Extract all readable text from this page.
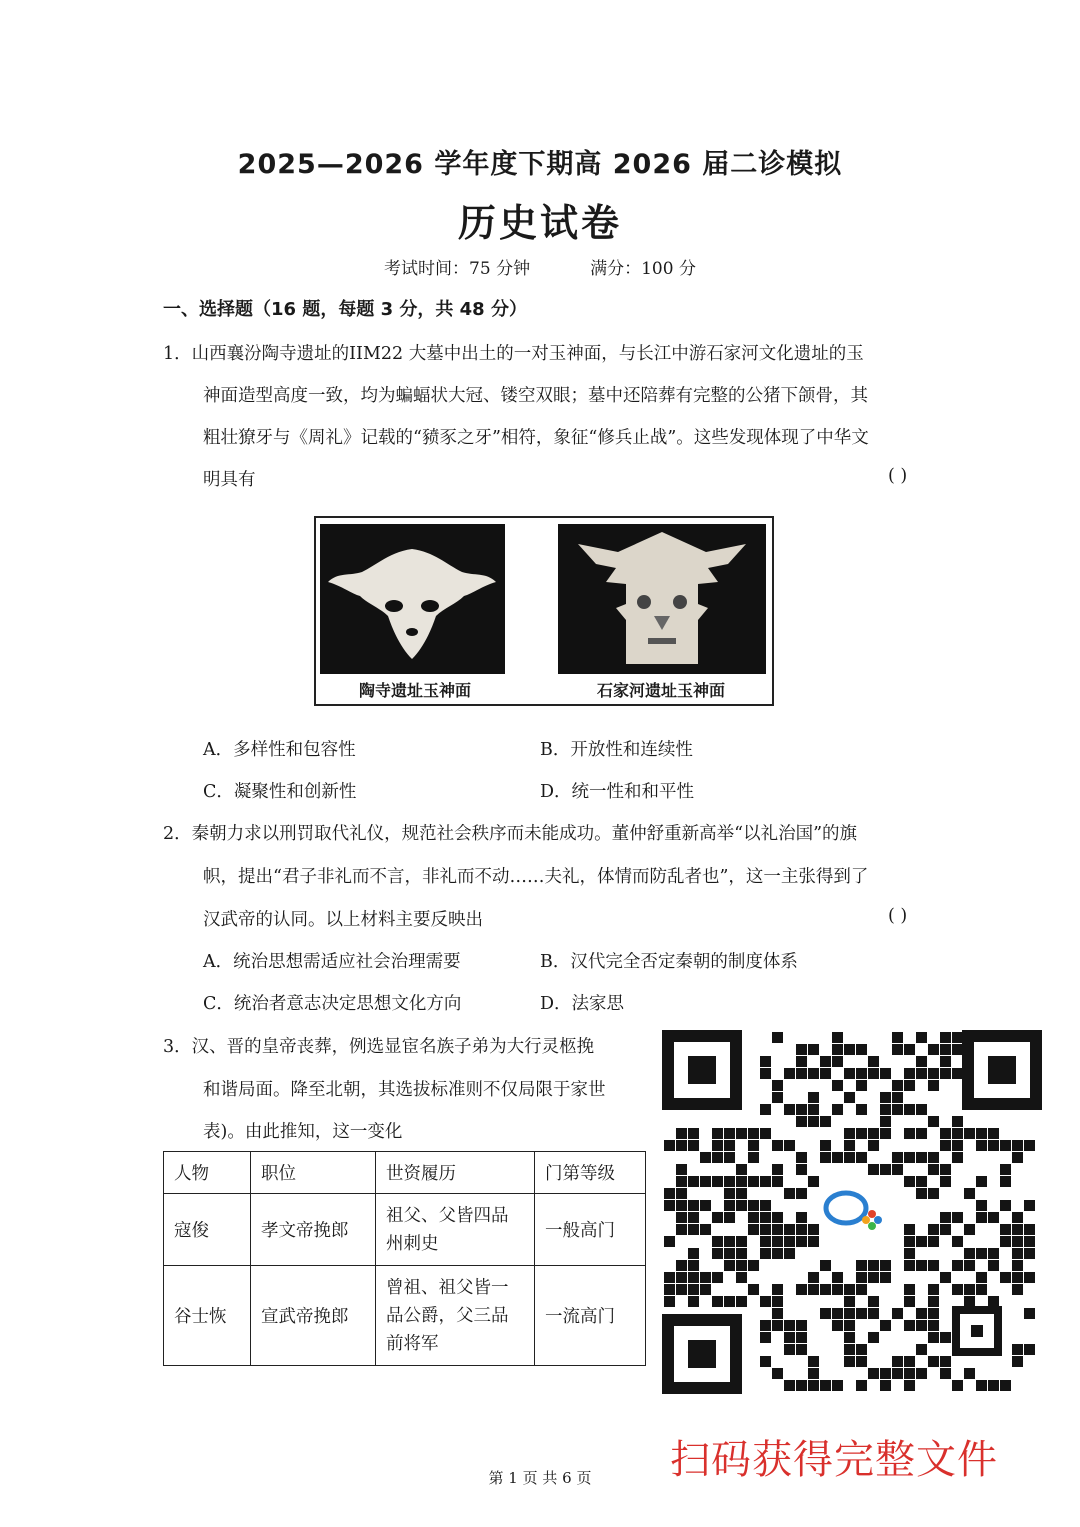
2025—2026 学年度下期高 2026 届二诊模拟
历史试卷
考试时间：75 分钟	满分：100 分
一、选择题（16 题，每题 3 分，共 48 分）
1．山西襄汾陶寺遗址的IIM22 大墓中出土的一对玉神面，与长江中游石家河文化遗址的玉
神面造型高度一致，均为蝙蝠状大冠、镂空双眼；墓中还陪葬有完整的公猪下颌骨，其
粗壮獠牙与《周礼》记载的“豮豕之牙”相符，象征“修兵止战”。这些发现体现了中华文
明具有	( )
陶寺遗址玉神面	石家河遗址玉神面
A．多样性和包容性	B．开放性和连续性
C．凝聚性和创新性	D．统一性和和平性
2．秦朝力求以刑罚取代礼仪，规范社会秩序而未能成功。董仲舒重新高举“以礼治国”的旗
帜，提出“君子非礼而不言，非礼而不动……夫礼，体情而防乱者也”，这一主张得到了
汉武帝的认同。以上材料主要反映出	( )
A．统治思想需适应社会治理需要	B．汉代完全否定秦朝的制度体系
C．统治者意志决定思想文化方向	D．法家思
3．汉、晋的皇帝丧葬，例选显宦名族子弟为大行灵柩挽
和谐局面。降至北朝，其选拔标准则不仅局限于家世
表)。由此推知，这一变化
人物	职位	世资履历	门第等级
寇俊	孝文帝挽郎	祖父、父皆四品州刺史	一般高门
谷士恢	宣武帝挽郎	曾祖、祖父皆一品公爵，父三品前将军	一流高门
扫码获得完整文件
第 1 页 共 6 页
